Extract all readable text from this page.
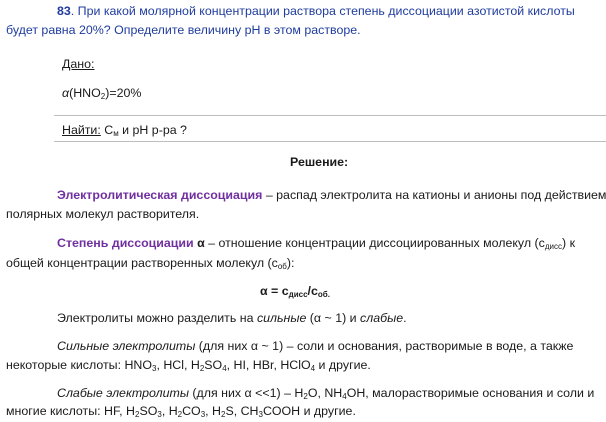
83. При какой молярной концентрации раствора степень диссоциации азотистой кислоты
будет равна 20%? Определите величину pH в этом растворе.
Дано:
$\alpha(HNO_2)=20\%$
Найти: $C_м$ и pH р-ра ?
Решение:
Электролитическая диссоциация – распад электролита на катионы и анионы под действием
полярных молекул растворителя.
Степень диссоциации α – отношение концентрации диссоциированных молекул $(c_{дисс})$ к
общей концентрации растворенных молекул $(c_{об})$:
$\alpha = c_{дисс}/c_{об.}$
Электролиты можно разделить на сильные (α ~ 1) и слабые.
Сильные электролиты (для них α ~ 1) – соли и основания, растворимые в воде, а также
некоторые кислоты: $HNO_3$, HCl, $H_2SO_4$, HI, HBr, HClO$_4$ и другие.
Слабые электролиты (для них $\alpha <<1) - H_2O$, $NH_4OH$, малорастворимые основания и соли и
многие кислоты: HF, $H_2SO_3$, $H_2CO_3$, $H_2S$, $CH_3COOH$ и другие.
